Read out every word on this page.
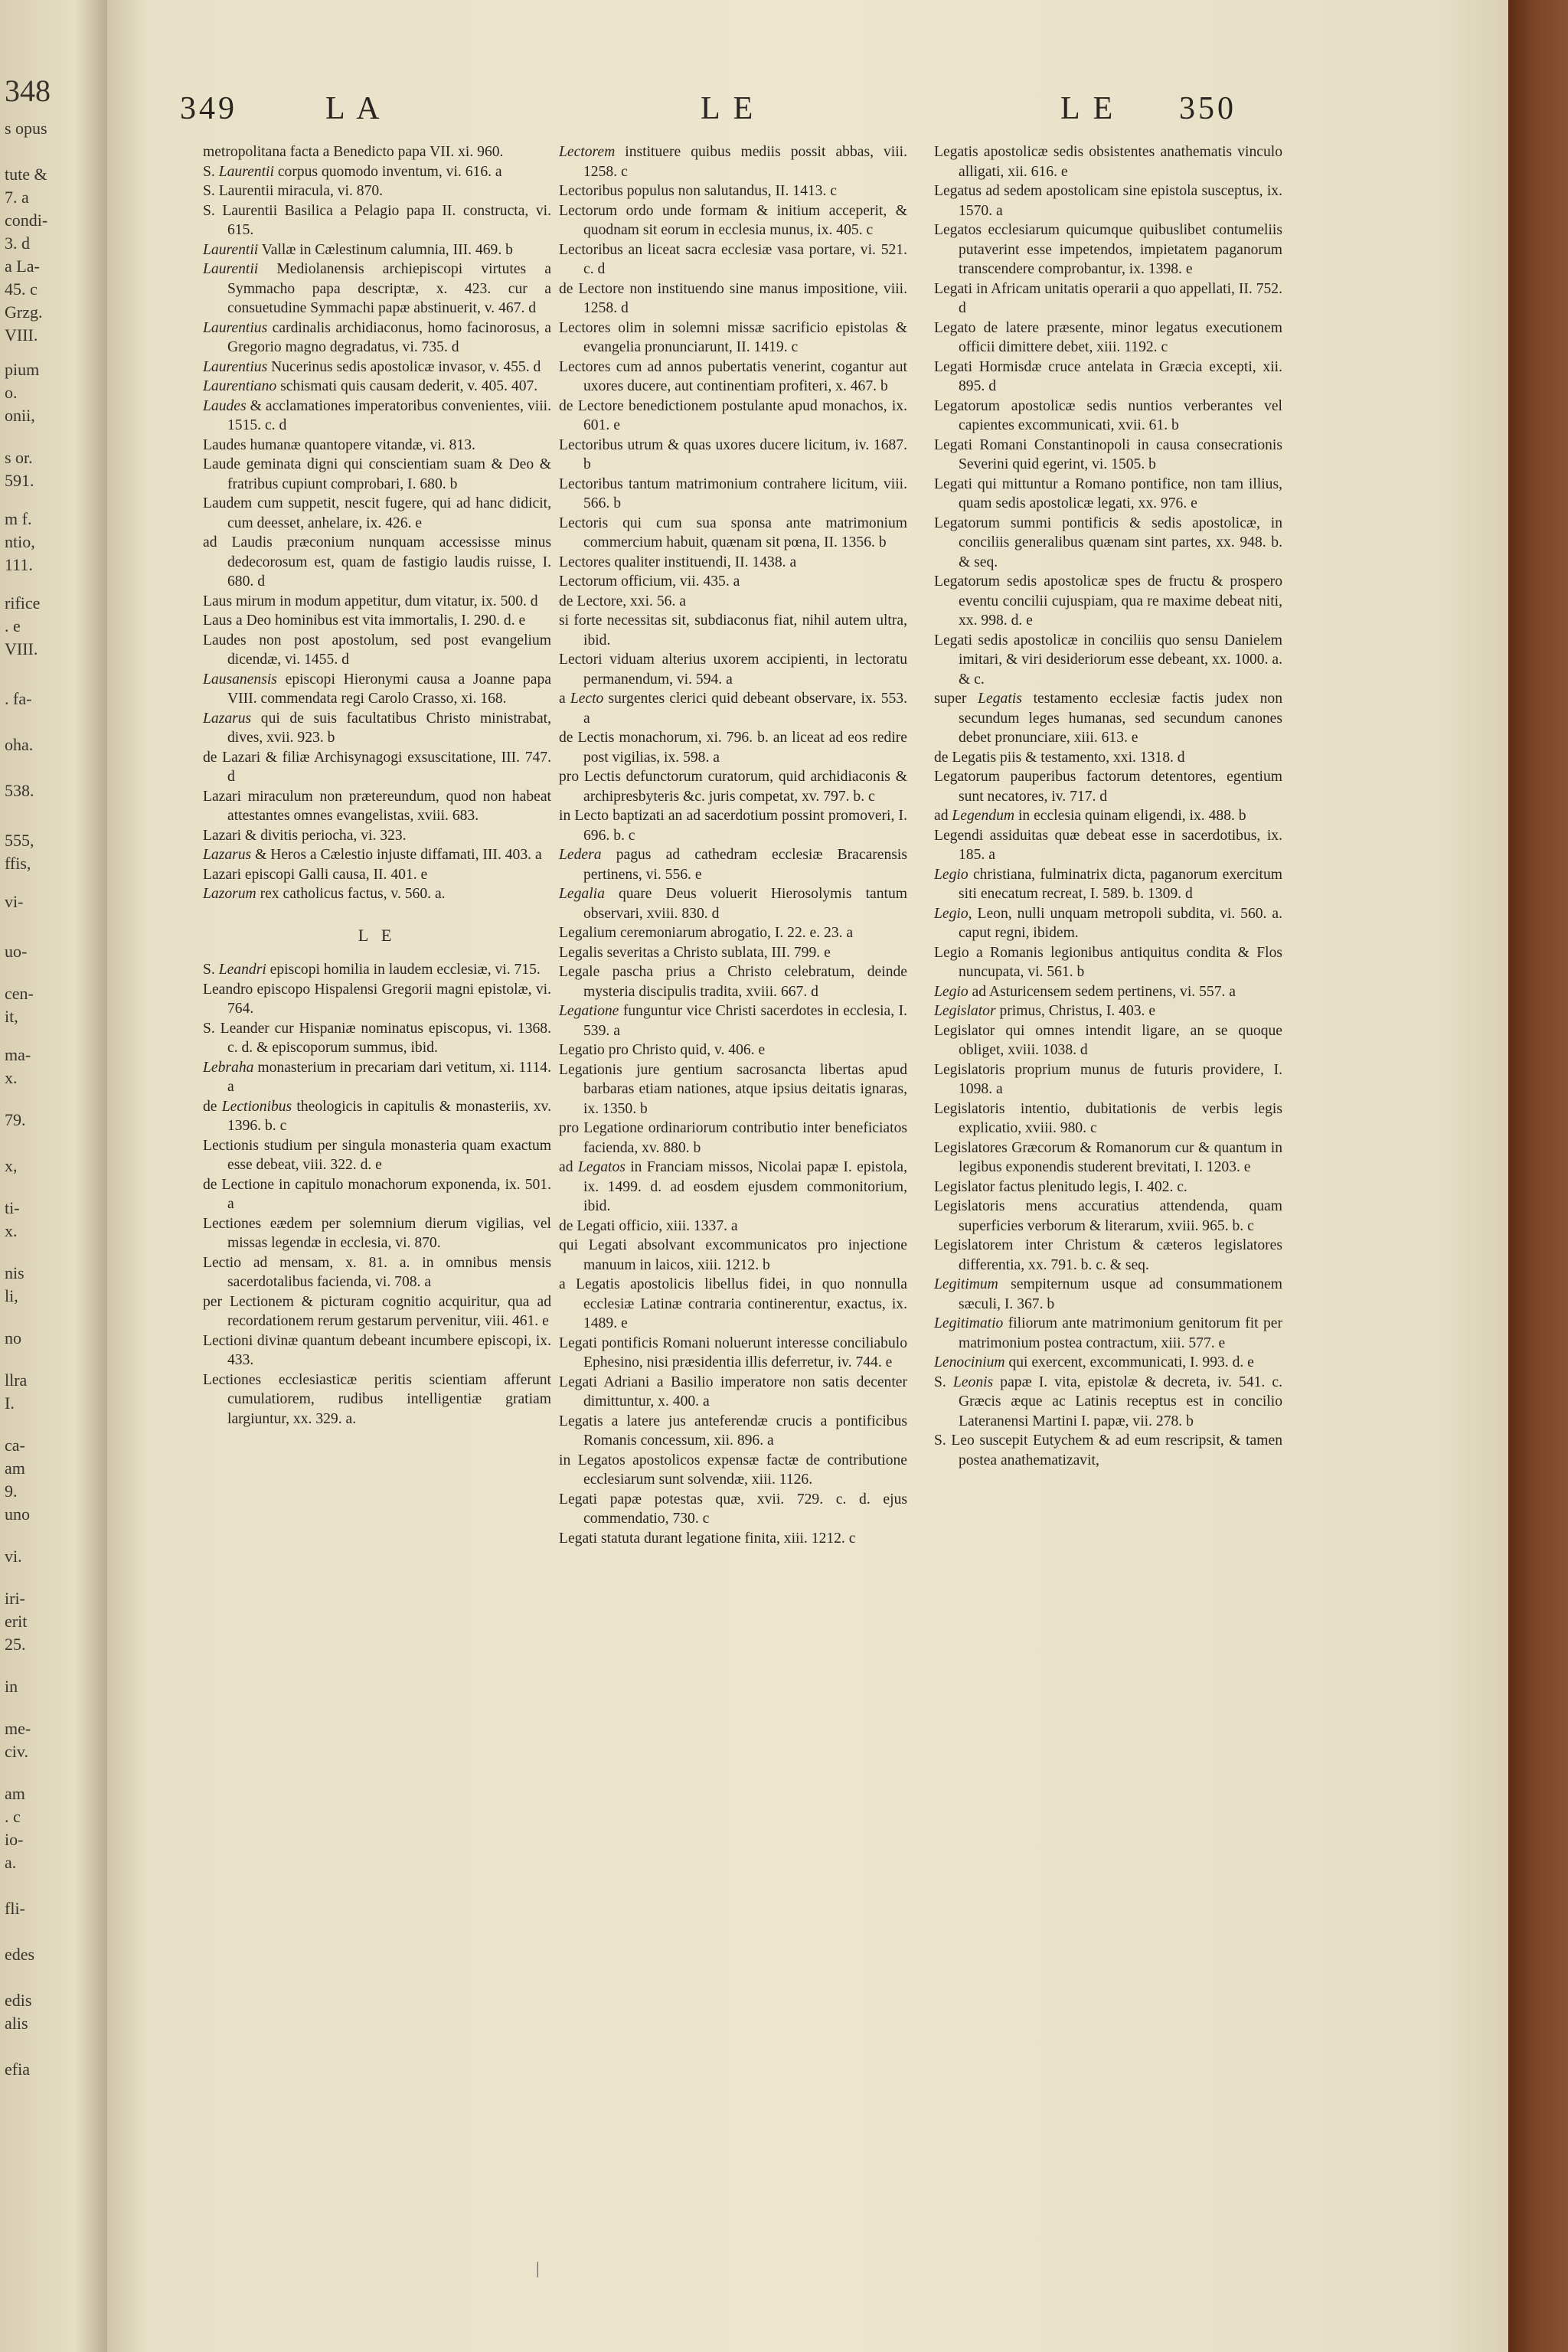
348
s opus
tute &
7. a
condi-
3. d
a La-
45. c
Grzg.
VIII.
pium
o.
onii,
s or.
591.
m f.
ntio,
111.
rifice
. e
VIII.
. fa-
oha.
538.
555,
ffis,
vi-
uo-
cen-
it,
ma-
x.
79.
x,
ti-
x.
nis
li,
no
llra
I.
ca-
am
9.
uno
vi.
iri-
erit
25.
in
me-
civ.
am
. c
io-
a.
fli-
edes
edis
alis
efia
349	L A	L E	L E 350

metropolitana facta a Benedicto papa VII. xi. 960.

S. Laurentii corpus quomodo inventum, vi. 616. a

S. Laurentii miracula, vi. 870.

S. Laurentii Basilica a Pelagio papa II. constructa, vi. 615.

Laurentii Vallæ in Cælestinum calumnia, III. 469. b

Laurentii Mediolanensis archiepiscopi virtutes a Symmacho papa descriptæ, x. 423. cur a consuetudine Symmachi papæ abstinuerit, v. 467. d

Laurentius cardinalis archidiaconus, homo facinorosus, a Gregorio magno degradatus, vi. 735. d

Laurentius Nucerinus sedis apostolicæ invasor, v. 455. d

Laurentiano schismati quis causam dederit, v. 405. 407.

Laudes & acclamationes imperatoribus convenientes, viii. 1515. c. d

Laudes humanæ quantopere vitandæ, vi. 813.

Laude geminata digni qui conscientiam suam & Deo & fratribus cupiunt comprobari, I. 680. b

Laudem cum suppetit, nescit fugere, qui ad hanc didicit, cum deesset, anhelare, ix. 426. e

ad Laudis præconium nunquam accessisse minus dedecorosum est, quam de fastigio laudis ruisse, I. 680. d

Laus mirum in modum appetitur, dum vitatur, ix. 500. d

Laus a Deo hominibus est vita immortalis, I. 290. d. e

Laudes non post apostolum, sed post evangelium dicendæ, vi. 1455. d

Lausanensis episcopi Hieronymi causa a Joanne papa VIII. commendata regi Carolo Crasso, xi. 168.

Lazarus qui de suis facultatibus Christo ministrabat, dives, xvii. 923. b

de Lazari & filiæ Archisynagogi exsuscitatione, III. 747. d

Lazari miraculum non prætereundum, quod non habeat attestantes omnes evangelistas, xviii. 683.

Lazari & divitis periocha, vi. 323.

Lazarus & Heros a Cælestio injuste diffamati, III. 403. a

Lazari episcopi Galli causa, II. 401. e

Lazorum rex catholicus factus, v. 560. a.

L E

S. Leandri episcopi homilia in laudem ecclesiæ, vi. 715.

Leandro episcopo Hispalensi Gregorii magni epistolæ, vi. 764.

S. Leander cur Hispaniæ nominatus episcopus, vi. 1368. c. d. & episcoporum summus, ibid.

Lebraha monasterium in precariam dari vetitum, xi. 1114. a

de Lectionibus theologicis in capitulis & monasteriis, xv. 1396. b. c

Lectionis studium per singula monasteria quam exactum esse debeat, viii. 322. d. e

de Lectione in capitulo monachorum exponenda, ix. 501. a

Lectiones eædem per solemnium dierum vigilias, vel missas legendæ in ecclesia, vi. 870.

Lectio ad mensam, x. 81. a. in omnibus mensis sacerdotalibus facienda, vi. 708. a

per Lectionem & picturam cognitio acquiritur, qua ad recordationem rerum gestarum pervenitur, viii. 461. e

Lectioni divinæ quantum debeant incumbere episcopi, ix. 433.

Lectiones ecclesiasticæ peritis scientiam afferunt cumulatiorem, rudibus intelligentiæ gratiam largiuntur, xx. 329. a.

Lectorem instituere quibus mediis possit abbas, viii. 1258. c

Lectoribus populus non salutandus, II. 1413. c

Lectorum ordo unde formam & initium acceperit, & quodnam sit eorum in ecclesia munus, ix. 405. c

Lectoribus an liceat sacra ecclesiæ vasa portare, vi. 521. c. d

de Lectore non instituendo sine manus impositione, viii. 1258. d

Lectores olim in solemni missæ sacrificio epistolas & evangelia pronunciarunt, II. 1419. c

Lectores cum ad annos pubertatis venerint, cogantur aut uxores ducere, aut continentiam profiteri, x. 467. b

de Lectore benedictionem postulante apud monachos, ix. 601. e

Lectoribus utrum & quas uxores ducere licitum, iv. 1687. b

Lectoribus tantum matrimonium contrahere licitum, viii. 566. b

Lectoris qui cum sua sponsa ante matrimonium commercium habuit, quænam sit pœna, II. 1356. b

Lectores qualiter instituendi, II. 1438. a

Lectorum officium, vii. 435. a

de Lectore, xxi. 56. a

si forte necessitas sit, subdiaconus fiat, nihil autem ultra, ibid.

Lectori viduam alterius uxorem accipienti, in lectoratu permanendum, vi. 594. a

a Lecto surgentes clerici quid debeant observare, ix. 553. a

de Lectis monachorum, xi. 796. b. an liceat ad eos redire post vigilias, ix. 598. a

pro Lectis defunctorum curatorum, quid archidiaconis & archipresbyteris &c. juris competat, xv. 797. b. c

in Lecto baptizati an ad sacerdotium possint promoveri, I. 696. b. c

Ledera pagus ad cathedram ecclesiæ Bracarensis pertinens, vi. 556. e

Legalia quare Deus voluerit Hierosolymis tantum observari, xviii. 830. d

Legalium ceremoniarum abrogatio, I. 22. e. 23. a

Legalis severitas a Christo sublata, III. 799. e

Legale pascha prius a Christo celebratum, deinde mysteria discipulis tradita, xviii. 667. d

Legatione funguntur vice Christi sacerdotes in ecclesia, I. 539. a

Legatio pro Christo quid, v. 406. e

Legationis jure gentium sacrosancta libertas apud barbaras etiam nationes, atque ipsius deitatis ignaras, ix. 1350. b

pro Legatione ordinariorum contributio inter beneficiatos facienda, xv. 880. b

ad Legatos in Franciam missos, Nicolai papæ I. epistola, ix. 1499. d. ad eosdem ejusdem commonitorium, ibid.

de Legati officio, xiii. 1337. a

qui Legati absolvant excommunicatos pro injectione manuum in laicos, xiii. 1212. b

a Legatis apostolicis libellus fidei, in quo nonnulla ecclesiæ Latinæ contraria continerentur, exactus, ix. 1489. e

Legati pontificis Romani noluerunt interesse conciliabulo Ephesino, nisi præsidentia illis deferretur, iv. 744. e

Legati Adriani a Basilio imperatore non satis decenter dimittuntur, x. 400. a

Legatis a latere jus anteferendæ crucis a pontificibus Romanis concessum, xii. 896. a

in Legatos apostolicos expensæ factæ de contributione ecclesiarum sunt solvendæ, xiii. 1126.

Legati papæ potestas quæ, xvii. 729. c. d. ejus commendatio, 730. c

Legati statuta durant legatione finita, xiii. 1212. c

Legatis apostolicæ sedis obsistentes anathematis vinculo alligati, xii. 616. e

Legatus ad sedem apostolicam sine epistola susceptus, ix. 1570. a

Legatos ecclesiarum quicumque quibuslibet contumeliis putaverint esse impetendos, impietatem paganorum transcendere comprobantur, ix. 1398. e

Legati in Africam unitatis operarii a quo appellati, II. 752. d

Legato de latere præsente, minor legatus executionem officii dimittere debet, xiii. 1192. c

Legati Hormisdæ cruce antelata in Græcia excepti, xii. 895. d

Legatorum apostolicæ sedis nuntios verberantes vel capientes excommunicati, xvii. 61. b

Legati Romani Constantinopoli in causa consecrationis Severini quid egerint, vi. 1505. b

Legati qui mittuntur a Romano pontifice, non tam illius, quam sedis apostolicæ legati, xx. 976. e

Legatorum summi pontificis & sedis apostolicæ, in conciliis generalibus quænam sint partes, xx. 948. b. & seq.

Legatorum sedis apostolicæ spes de fructu & prospero eventu concilii cujuspiam, qua re maxime debeat niti, xx. 998. d. e

Legati sedis apostolicæ in conciliis quo sensu Danielem imitari, & viri desideriorum esse debeant, xx. 1000. a. & c.

super Legatis testamento ecclesiæ factis judex non secundum leges humanas, sed secundum canones debet pronunciare, xiii. 613. e

de Legatis piis & testamento, xxi. 1318. d

Legatorum pauperibus factorum detentores, egentium sunt necatores, iv. 717. d

ad Legendum in ecclesia quinam eligendi, ix. 488. b

Legendi assiduitas quæ debeat esse in sacerdotibus, ix. 185. a

Legio christiana, fulminatrix dicta, paganorum exercitum siti enecatum recreat, I. 589. b. 1309. d

Legio, Leon, nulli unquam metropoli subdita, vi. 560. a. caput regni, ibidem.

Legio a Romanis legionibus antiquitus condita & Flos nuncupata, vi. 561. b

Legio ad Asturicensem sedem pertinens, vi. 557. a

Legislator primus, Christus, I. 403. e

Legislator qui omnes intendit ligare, an se quoque obliget, xviii. 1038. d

Legislatoris proprium munus de futuris providere, I. 1098. a

Legislatoris intentio, dubitationis de verbis legis explicatio, xviii. 980. c

Legislatores Græcorum & Romanorum cur & quantum in legibus exponendis studerent brevitati, I. 1203. e

Legislator factus plenitudo legis, I. 402. c.

Legislatoris mens accuratius attendenda, quam superficies verborum & literarum, xviii. 965. b. c

Legislatorem inter Christum & cæteros legislatores differentia, xx. 791. b. c. & seq.

Legitimum sempiternum usque ad consummationem sæculi, I. 367. b

Legitimatio filiorum ante matrimonium genitorum fit per matrimonium postea contractum, xiii. 577. e

Lenocinium qui exercent, excommunicati, I. 993. d. e

S. Leonis papæ I. vita, epistolæ & decreta, iv. 541. c. Græcis æque ac Latinis receptus est in concilio Lateranensi Martini I. papæ, vii. 278. b

S. Leo suscepit Eutychem & ad eum rescripsit, & tamen postea anathematizavit,

|
